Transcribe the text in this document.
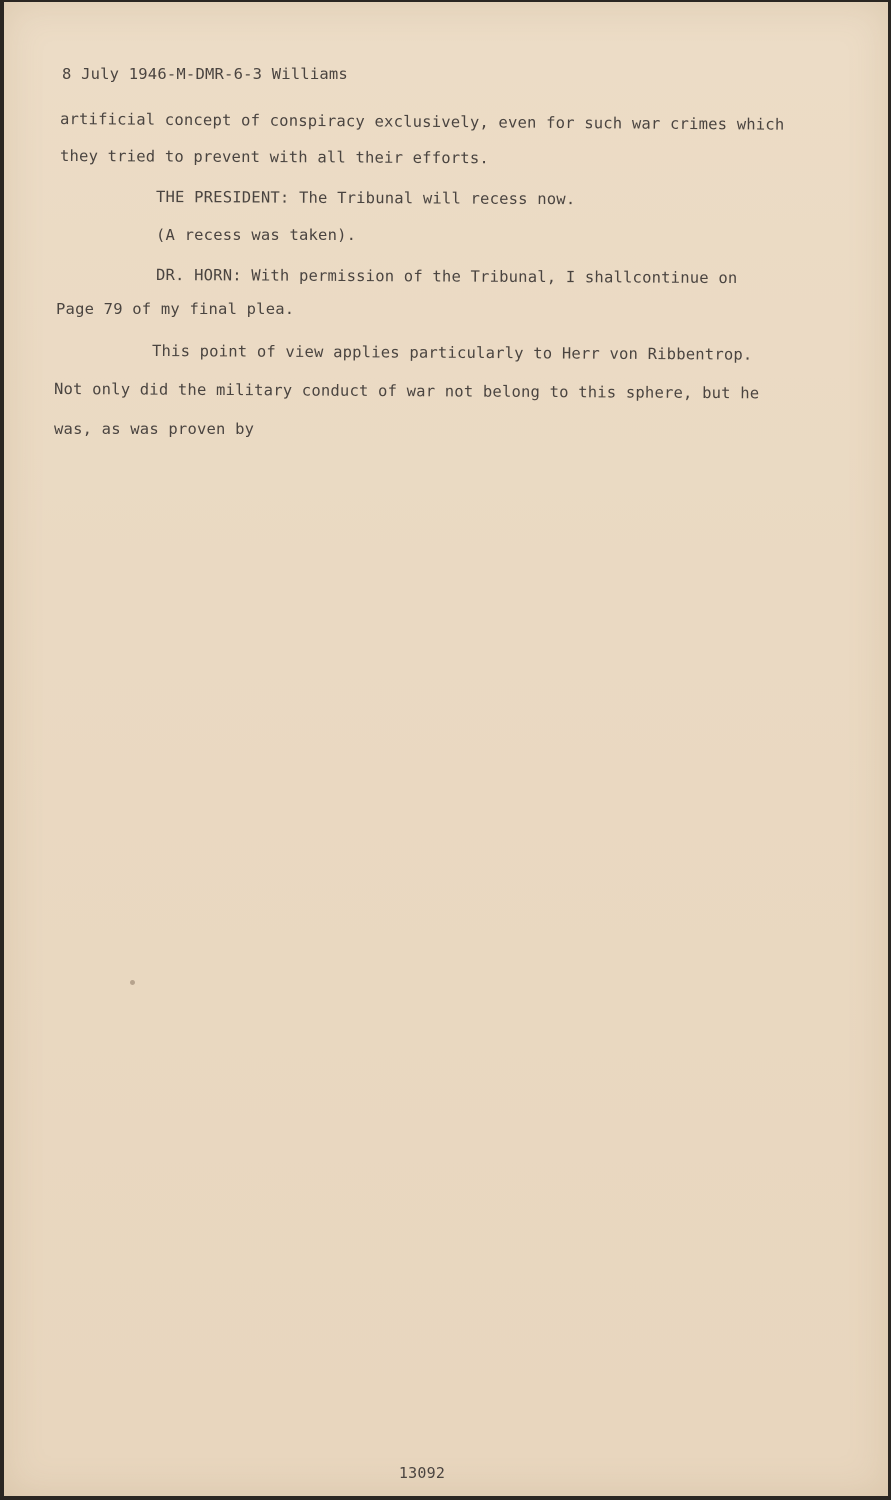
8 July 1946-M-DMR-6-3 Williams

artificial concept of conspiracy exclusively, even for such war crimes which

they tried to prevent with all their efforts.

THE PRESIDENT: The Tribunal will recess now.

(A recess was taken).

DR. HORN: With permission of the Tribunal, I shallcontinue on

Page 79 of my final plea.

This point of view applies particularly to Herr von Ribbentrop.

Not only did the military conduct of war not belong to this sphere, but he

was, as was proven by

13092
